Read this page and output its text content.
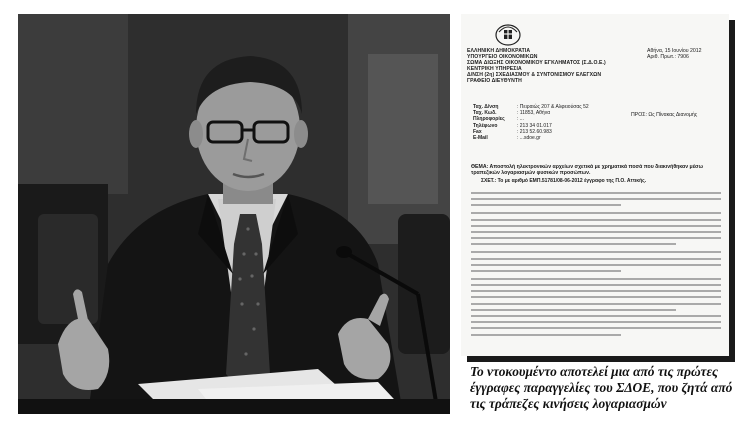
ΕΛΛΗΝΙΚΗ ΔΗΜΟΚΡΑΤΙΑ
ΥΠΟΥΡΓΕΙΟ ΟΙΚΟΝΟΜΙΚΩΝ
ΣΩΜΑ ΔΙΩΞΗΣ ΟΙΚΟΝΟΜΙΚΟΥ ΕΓΚΛΗΜΑΤΟΣ (Σ.Δ.Ο.Ε.)
ΚΕΝΤΡΙΚΗ ΥΠΗΡΕΣΙΑ
Δ/ΝΣΗ (2η) ΣΧΕΔΙΑΣΜΟΥ & ΣΥΝΤΟΝΙΣΜΟΥ ΕΛΕΓΧΩΝ
ΓΡΑΦΕΙΟ ΔΙΕΥΘΥΝΤΗ
Αθήνα, 15 Ιουνίου 2012
Αριθ. Πρωτ.: 7906
Ταχ. Δ/νση	: Πειραιώς 207 & Αλφειούσας 52
Ταχ. Κωδ.	: 11853, Αθήνα
Πληροφορίες : ...
Τηλέφωνο	: 213 34 01.017
Fax	: 213 52.60.983
E-Mail	: ...sdoe.gr
ΠΡΟΣ: Ως Πίνακας Διανομής
ΘΕΜΑ: Αποστολή ηλεκτρονικών αρχείων σχετικά με χρηματικά ποσά που διακινήθηκαν μέσω τραπεζικών λογαριασμών φυσικών προσώπων.
ΣΧΕΤ.: Το με αριθμό ΕΜΠ.51781/08-06-2012 έγγραφο της Π.Ο. Αττικής.
Το ντοκουμέντο αποτελεί μια από τις πρώτες έγγραφες παραγγελίες του ΣΔΟΕ, που ζητά από τις τράπεζες κινήσεις λογαριασμών
